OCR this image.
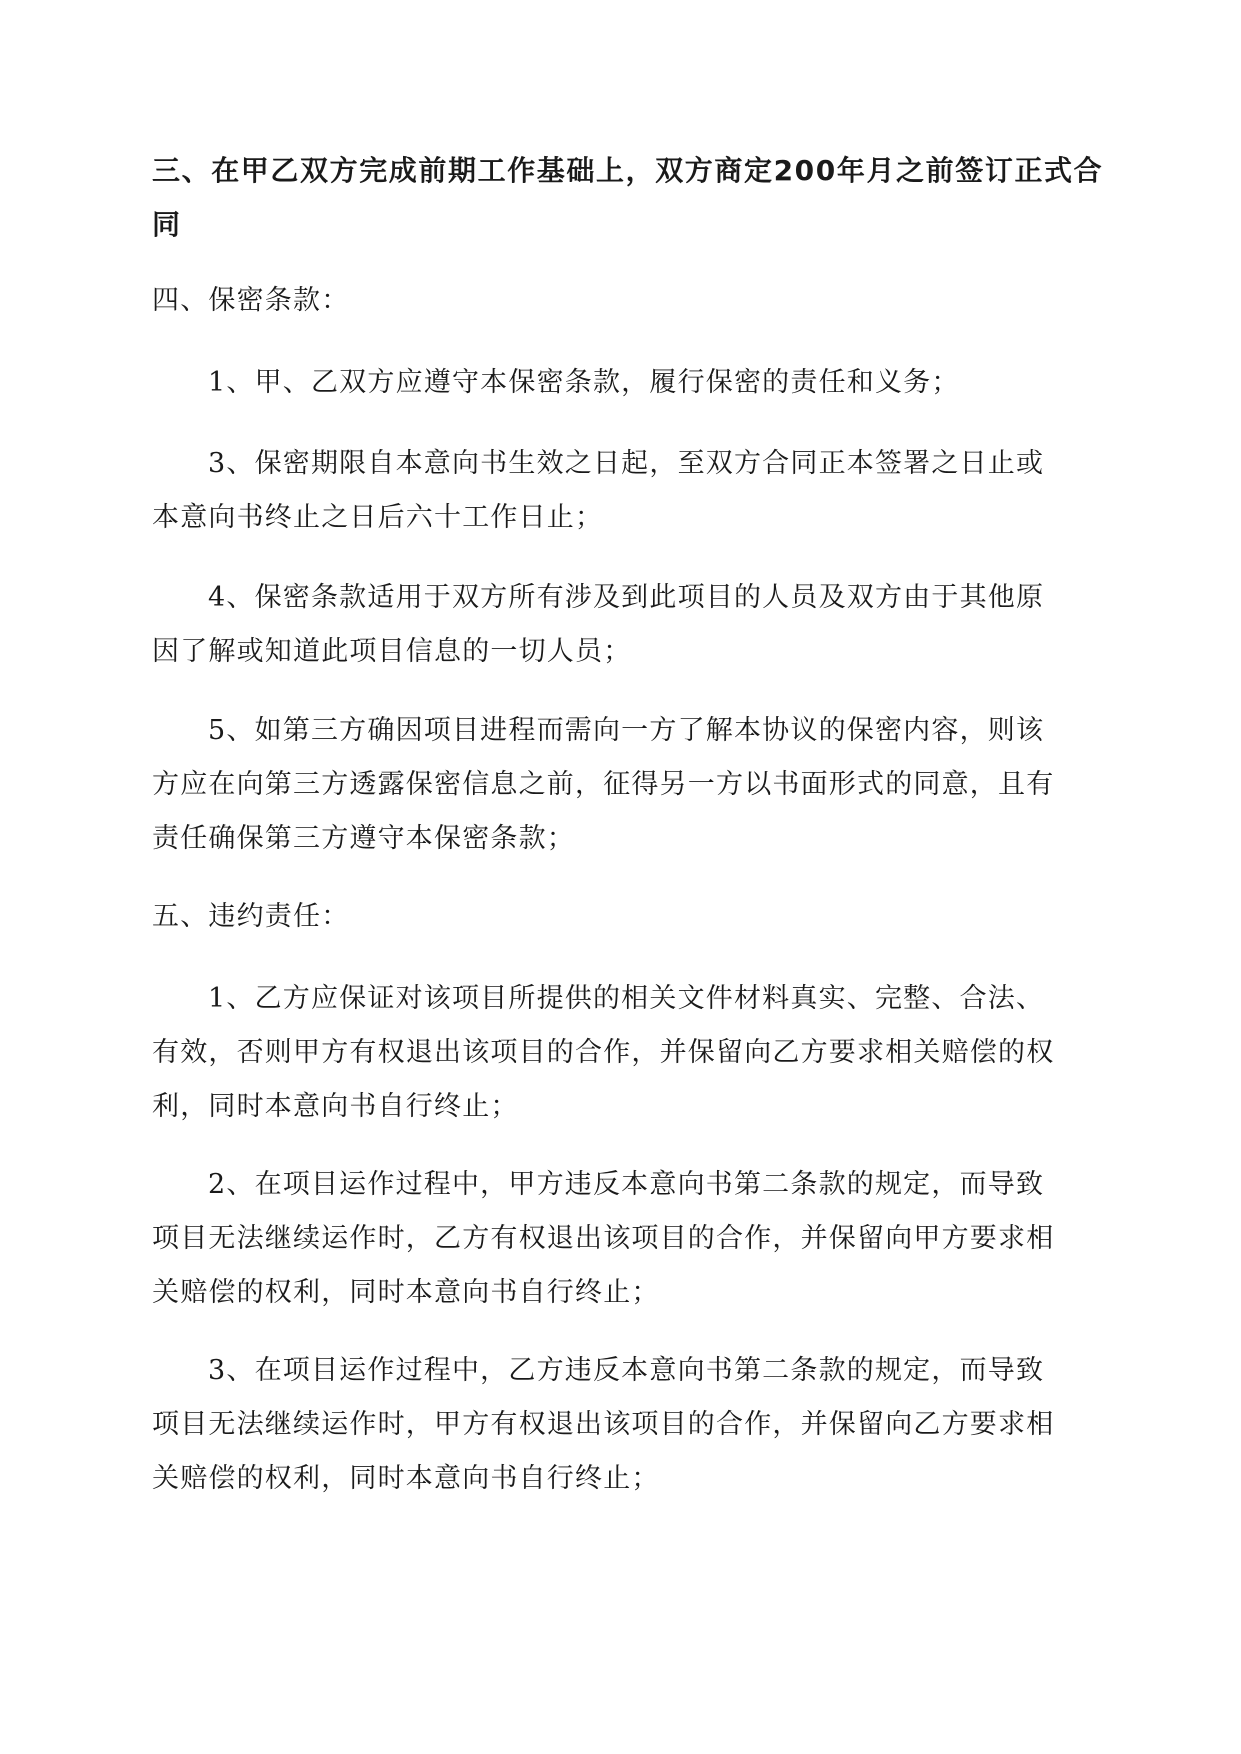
三、在甲乙双方完成前期工作基础上，双方商定200年月之前签订正式合
同

四、保密条款：

1、甲、乙双方应遵守本保密条款，履行保密的责任和义务；

3、保密期限自本意向书生效之日起，至双方合同正本签署之日止或
本意向书终止之日后六十工作日止；

4、保密条款适用于双方所有涉及到此项目的人员及双方由于其他原
因了解或知道此项目信息的一切人员；

5、如第三方确因项目进程而需向一方了解本协议的保密内容，则该
方应在向第三方透露保密信息之前，征得另一方以书面形式的同意，且有
责任确保第三方遵守本保密条款；

五、违约责任：

1、乙方应保证对该项目所提供的相关文件材料真实、完整、合法、
有效，否则甲方有权退出该项目的合作，并保留向乙方要求相关赔偿的权
利，同时本意向书自行终止；

2、在项目运作过程中，甲方违反本意向书第二条款的规定，而导致
项目无法继续运作时，乙方有权退出该项目的合作，并保留向甲方要求相
关赔偿的权利，同时本意向书自行终止；

3、在项目运作过程中，乙方违反本意向书第二条款的规定，而导致
项目无法继续运作时，甲方有权退出该项目的合作，并保留向乙方要求相
关赔偿的权利，同时本意向书自行终止；
